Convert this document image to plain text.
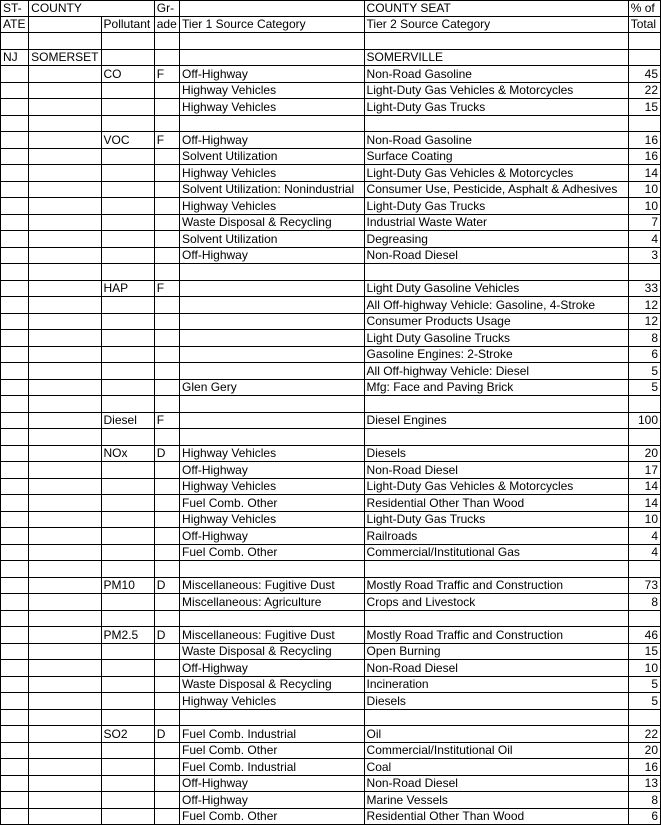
ST-	COUNTY		Gr-		COUNTY SEAT	% of
ATE		Pollutant	ade	Tier 1 Source Category	Tier 2 Source Category	Total

NJ	SOMERSET				SOMERVILLE	
		CO	F	Off-Highway	Non-Road Gasoline	45
				Highway Vehicles	Light-Duty Gas Vehicles & Motorcycles	22
				Highway Vehicles	Light-Duty Gas Trucks	15

		VOC	F	Off-Highway	Non-Road Gasoline	16
				Solvent Utilization	Surface Coating	16
				Highway Vehicles	Light-Duty Gas Vehicles & Motorcycles	14
				Solvent Utilization: Nonindustrial	Consumer Use, Pesticide, Asphalt & Adhesives	10
				Highway Vehicles	Light-Duty Gas Trucks	10
				Waste Disposal & Recycling	Industrial Waste Water	7
				Solvent Utilization	Degreasing	4
				Off-Highway	Non-Road Diesel	3

		HAP	F		Light Duty Gasoline Vehicles	33
					All Off-highway Vehicle: Gasoline, 4-Stroke	12
					Consumer Products Usage	12
					Light Duty Gasoline Trucks	8
					Gasoline Engines: 2-Stroke	6
					All Off-highway Vehicle: Diesel	5
				Glen Gery	Mfg: Face and Paving Brick	5

		Diesel	F		Diesel Engines	100

		NOx	D	Highway Vehicles	Diesels	20
				Off-Highway	Non-Road Diesel	17
				Highway Vehicles	Light-Duty Gas Vehicles & Motorcycles	14
				Fuel Comb. Other	Residential Other Than Wood	14
				Highway Vehicles	Light-Duty Gas Trucks	10
				Off-Highway	Railroads	4
				Fuel Comb. Other	Commercial/Institutional Gas	4

		PM10	D	Miscellaneous: Fugitive Dust	Mostly Road Traffic and Construction	73
				Miscellaneous: Agriculture	Crops and Livestock	8

		PM2.5	D	Miscellaneous: Fugitive Dust	Mostly Road Traffic and Construction	46
				Waste Disposal & Recycling	Open Burning	15
				Off-Highway	Non-Road Diesel	10
				Waste Disposal & Recycling	Incineration	5
				Highway Vehicles	Diesels	5

		SO2	D	Fuel Comb. Industrial	Oil	22
				Fuel Comb. Other	Commercial/Institutional Oil	20
				Fuel Comb. Industrial	Coal	16
				Off-Highway	Non-Road Diesel	13
				Off-Highway	Marine Vessels	8
				Fuel Comb. Other	Residential Other Than Wood	6
